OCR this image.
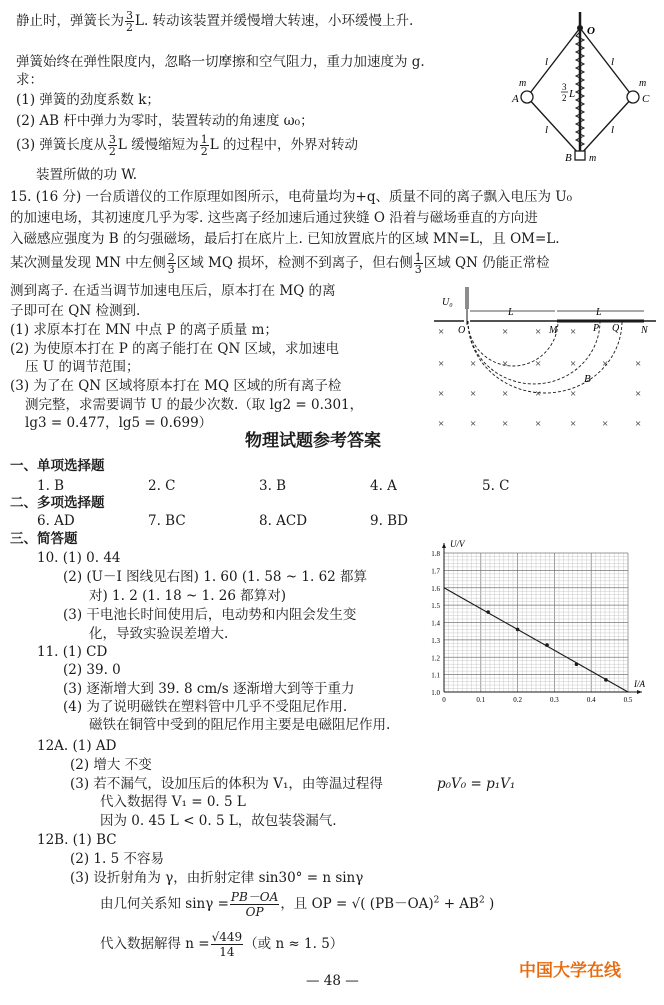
静止时，弹簧长为 $\frac{3}{2} L$. 转动该装置并缓慢增大转速，小环缓慢上升.
弹簧始终在弹性限度内，忽略一切摩擦和空气阻力，重力加速度为 g.
求：
(1) 弹簧的劲度系数 k；
(2) AB 杆中弹力为零时，装置转动的角速度 ω₀；
(3) 弹簧长度从 $\frac{3}{2}$ L 缓慢缩短为 $\frac{1}{2}$ L 的过程中，外界对转动
装置所做的功 W.
O
A	C
B
m	m
m
l	l
l	l
3
2 L
15. (16 分) 一台质谱仪的工作原理如图所示，电荷量均为+q、质量不同的离子飘入电压为 U₀
的加速电场，其初速度几乎为零. 这些离子经加速后通过狭缝 O 沿着与磁场垂直的方向进
入磁感应强度为 B 的匀强磁场，最后打在底片上. 已知放置底片的区域 MN=L，且 OM=L.
某次测量发现 MN 中左侧 $\frac{2}{3}$ 区域 MQ 损坏，检测不到离子，但右侧 $\frac{1}{3}$ 区域 QN 仍能正常检
测到离子. 在适当调节加速电压后，原本打在 MQ 的离
子即可在 QN 检测到.
(1) 求原本打在 MN 中点 P 的离子质量 m；
(2) 为使原本打在 P 的离子能打在 QN 区域，求加速电
压 U 的调节范围；
(3) 为了在 QN 区域将原本打在 MQ 区域的所有离子检
测完整，求需要调节 U 的最少次数.（取 lg2 = 0.301，
lg3 = 0.477，lg5 = 0.699）
U₀
O
L	L
M	P Q N
×	× ×	×
× × × ×	× × ×
× × × ×	×	×
× × × ×	× × ×
B
物理试题参考答案
一、单项选择题
1. B	2. C	3. B	4. A	5. C
二、多项选择题
6. AD	7. BC	8. ACD	9. BD
三、简答题
10. (1) 0. 44
(2) (U－I 图线见右图) 1. 60 (1. 58 ~ 1. 62 都算
对) 1. 2 (1. 18 ~ 1. 26 都算对)
(3) 干电池长时间使用后，电动势和内阻会发生变
化，导致实验误差增大.
11. (1) CD
(2) 39. 0
(3) 逐渐增大到 39. 8 cm/s 逐渐增大到等于重力
(4) 为了说明磁铁在塑料管中几乎不受阻尼作用.
磁铁在铜管中受到的阻尼作用主要是电磁阻尼作用.
12A. (1) AD
(2) 增大 不变
(3) 若不漏气，设加压后的体积为 V₁，由等温过程得	p₀V₀ = p₁V₁
代入数据得 V₁ = 0. 5 L
因为 0. 45 L < 0. 5 L，故包装袋漏气.
12B. (1) BC
(2) 1. 5 不容易
(3) 设折射角为 γ，由折射定律 sin30° = n sinγ
由几何关系知 $\sin\gamma = \frac{PB-OA}{OP}$ ，且 OP = √( $(PB-OA)^2 + AB^2$ )
代入数据解得 $n = \frac{√449}{14}$ （或 n ≈ 1. 5）
1.0
1.1
1.2
1.3
1.4
1.5
1.6
1.7
1.8
0	0.1	0.2	0.3	0.4	0.5
U/V
I/A
— 48 —	中国大学在线
